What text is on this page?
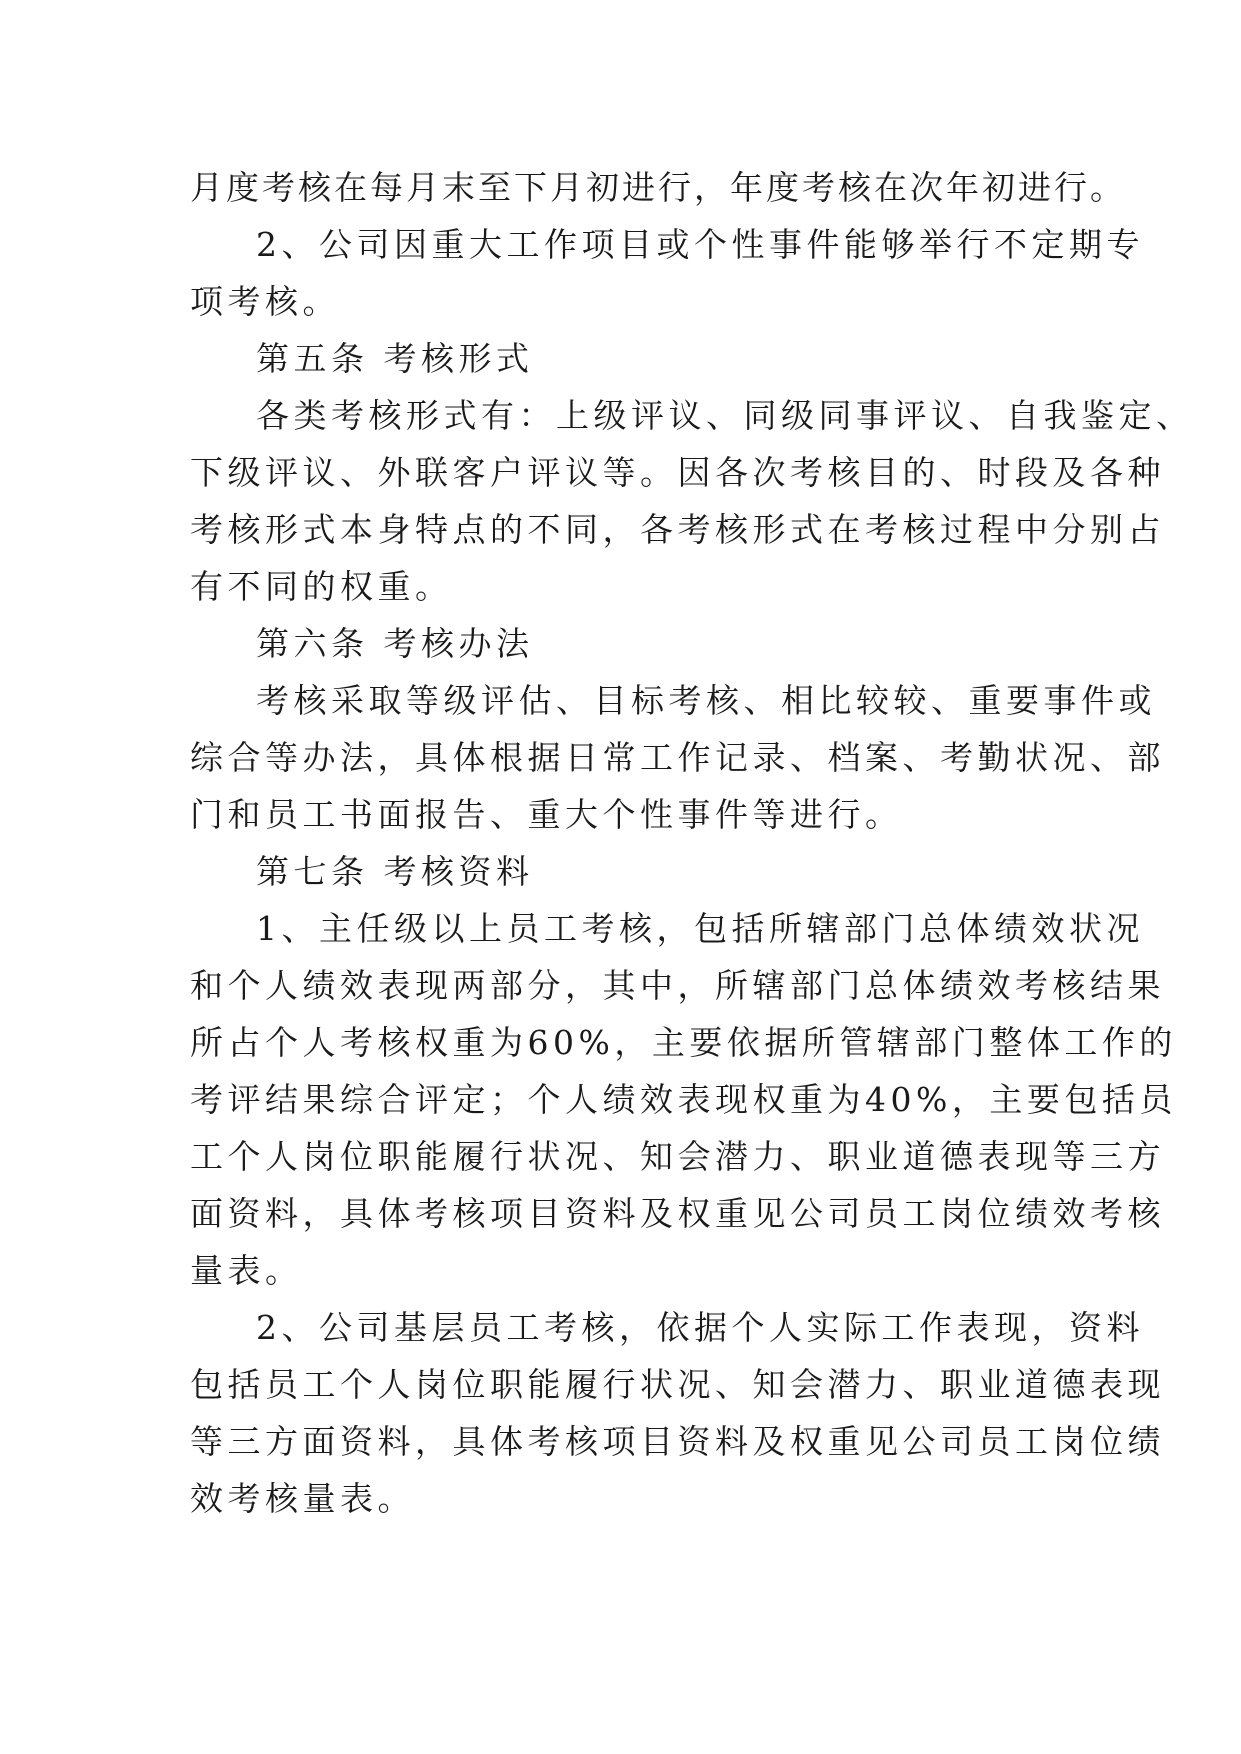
月度考核在每月末至下月初进行，年度考核在次年初进行。
2、公司因重大工作项目或个性事件能够举行不定期专
项考核。
第五条 考核形式
各类考核形式有：上级评议、同级同事评议、自我鉴定、
下级评议、外联客户评议等。因各次考核目的、时段及各种
考核形式本身特点的不同，各考核形式在考核过程中分别占
有不同的权重。
第六条 考核办法
考核采取等级评估、目标考核、相比较较、重要事件或
综合等办法，具体根据日常工作记录、档案、考勤状况、部
门和员工书面报告、重大个性事件等进行。
第七条 考核资料
1、主任级以上员工考核，包括所辖部门总体绩效状况
和个人绩效表现两部分，其中，所辖部门总体绩效考核结果
所占个人考核权重为60%，主要依据所管辖部门整体工作的
考评结果综合评定；个人绩效表现权重为40%，主要包括员
工个人岗位职能履行状况、知会潜力、职业道德表现等三方
面资料，具体考核项目资料及权重见公司员工岗位绩效考核
量表。
2、公司基层员工考核，依据个人实际工作表现，资料
包括员工个人岗位职能履行状况、知会潜力、职业道德表现
等三方面资料，具体考核项目资料及权重见公司员工岗位绩
效考核量表。
